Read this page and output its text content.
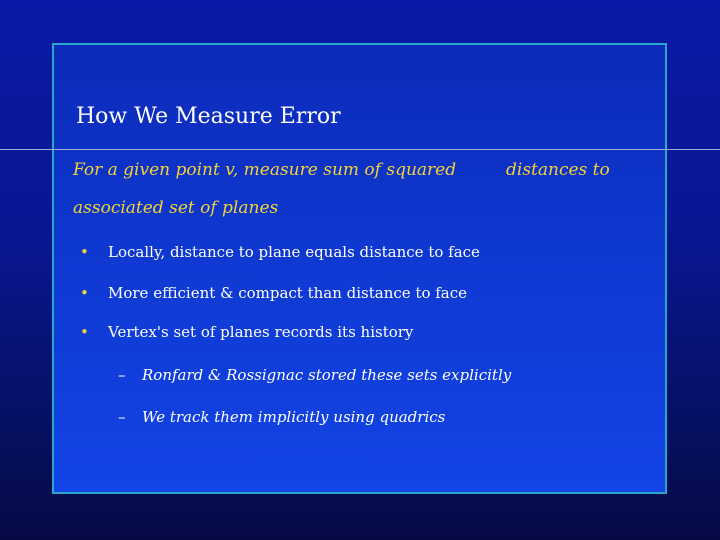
How We Measure Error
For a given point v, measure sum of squared	distances to
associated set of planes
• Locally, distance to plane equals distance to face
• More efficient & compact than distance to face
• Vertex's set of planes records its history
– Ronfard & Rossignac stored these sets explicitly
– We track them implicitly using quadrics
